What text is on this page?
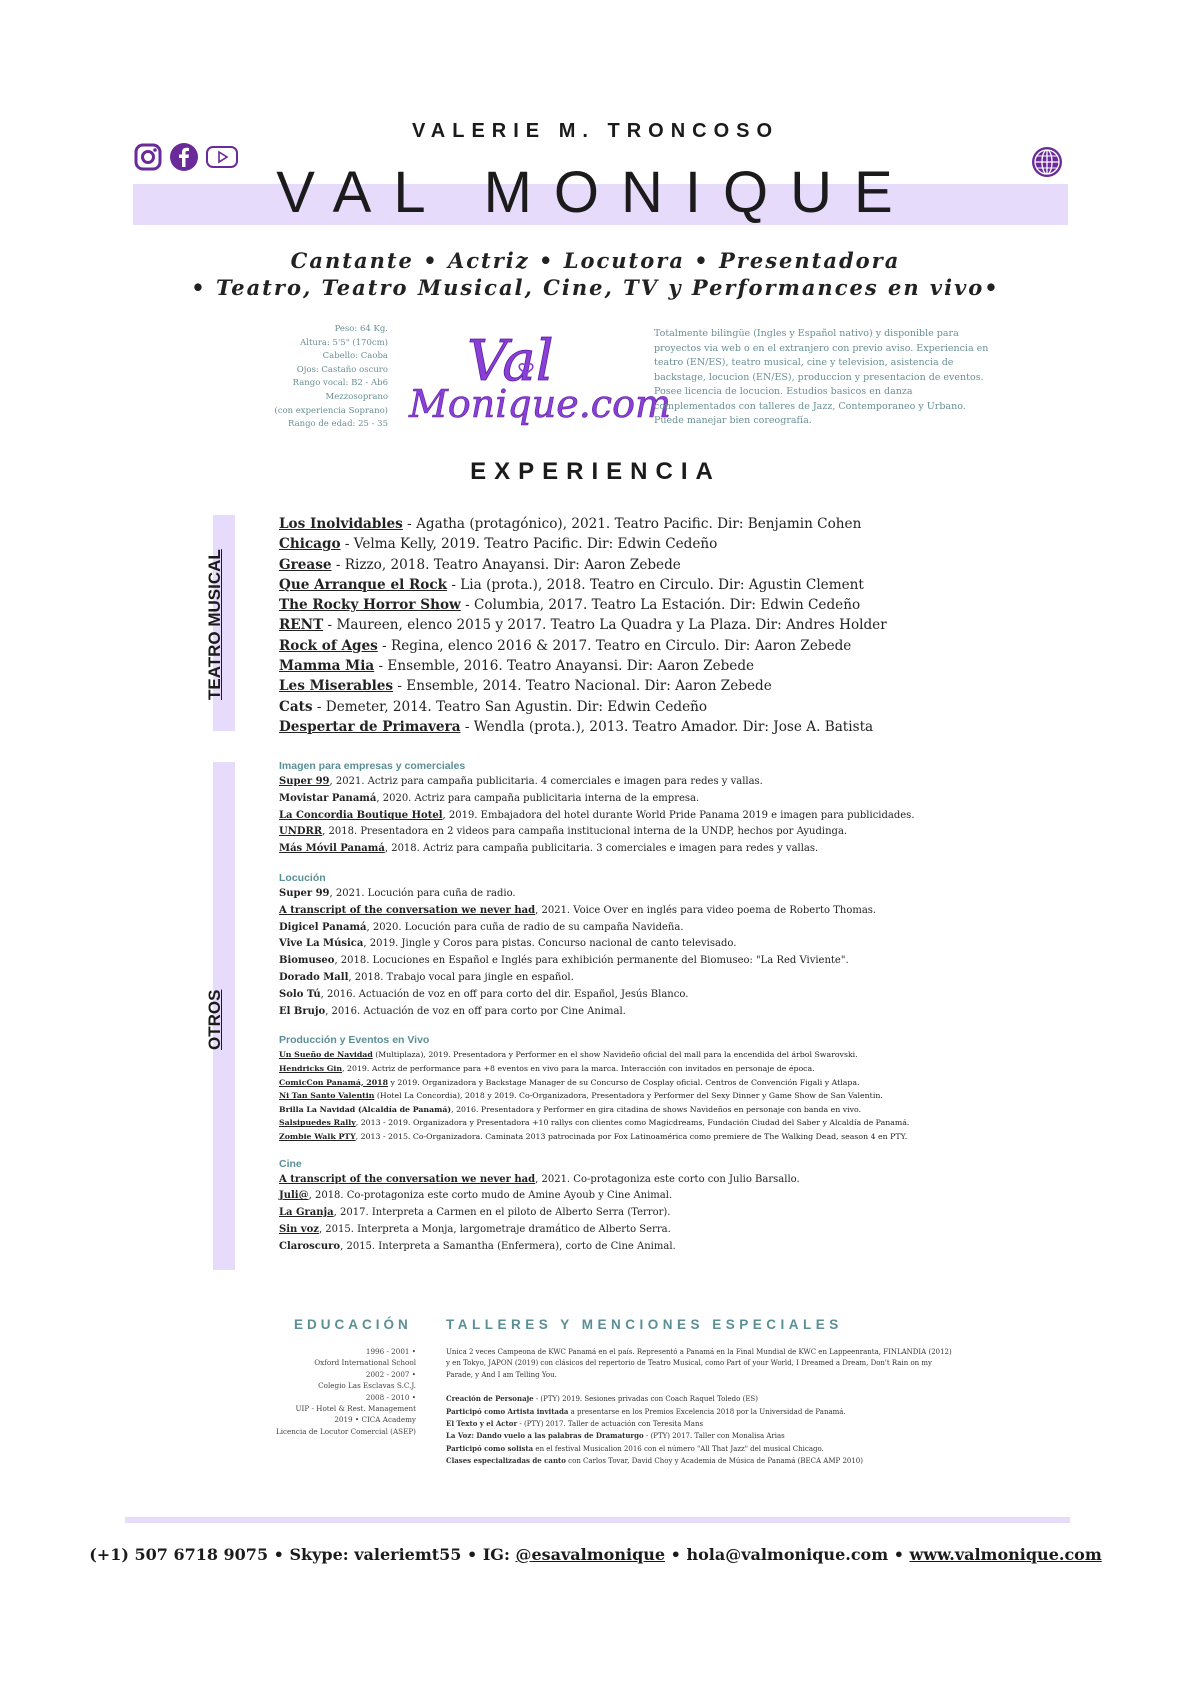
VALERIE M. TRONCOSO
VAL MONIQUE
Cantante • Actriz • Locutora • Presentadora
• Teatro, Teatro Musical, Cine, TV y Performances en vivo•
Peso: 64 Kg.
Altura: 5'5" (170cm)
Cabello: Caoba
Ojos: Castaño oscuro
Rango vocal: B2 - Ab6
Mezzosoprano
(con experiencia Soprano)
Rango de edad: 25 - 35
Val
Monique.com
Totalmente bilingüe (Ingles y Español nativo) y disponible para proyectos via web o en el extranjero con previo aviso. Experiencia en teatro (EN/ES), teatro musical, cine y television, asistencia de backstage, locucion (EN/ES), produccion y presentacion de eventos. Posee licencia de locucion. Estudios basicos en danza complementados con talleres de Jazz, Contemporaneo y Urbano. Puede manejar bien coreografía.
EXPERIENCIA
TEATRO MUSICAL
Los Inolvidables - Agatha (protagónico), 2021. Teatro Pacific. Dir: Benjamin Cohen
Chicago - Velma Kelly, 2019. Teatro Pacific. Dir: Edwin Cedeño
Grease - Rizzo, 2018. Teatro Anayansi. Dir: Aaron Zebede
Que Arranque el Rock - Lia (prota.), 2018. Teatro en Circulo. Dir: Agustin Clement
The Rocky Horror Show - Columbia, 2017. Teatro La Estación. Dir: Edwin Cedeño
RENT - Maureen, elenco 2015 y 2017. Teatro La Quadra y La Plaza. Dir: Andres Holder
Rock of Ages - Regina, elenco 2016 & 2017. Teatro en Circulo. Dir: Aaron Zebede
Mamma Mia - Ensemble, 2016. Teatro Anayansi. Dir: Aaron Zebede
Les Miserables - Ensemble, 2014. Teatro Nacional. Dir: Aaron Zebede
Cats - Demeter, 2014. Teatro San Agustin. Dir: Edwin Cedeño
Despertar de Primavera - Wendla (prota.), 2013. Teatro Amador. Dir: Jose A. Batista
OTROS
Imagen para empresas y comerciales
Super 99, 2021. Actriz para campaña publicitaria. 4 comerciales e imagen para redes y vallas.
Movistar Panamá, 2020. Actriz para campaña publicitaria interna de la empresa.
La Concordia Boutique Hotel, 2019. Embajadora del hotel durante World Pride Panama 2019 e imagen para publicidades.
UNDRR, 2018. Presentadora en 2 videos para campaña institucional interna de la UNDP, hechos por Ayudinga.
Más Móvil Panamá, 2018. Actriz para campaña publicitaria. 3 comerciales e imagen para redes y vallas.
Locución
Super 99, 2021. Locución para cuña de radio.
A transcript of the conversation we never had, 2021. Voice Over en inglés para video poema de Roberto Thomas.
Digicel Panamá, 2020. Locución para cuña de radio de su campaña Navideña.
Vive La Música, 2019. Jingle y Coros para pistas. Concurso nacional de canto televisado.
Biomuseo, 2018. Locuciones en Español e Inglés para exhibición permanente del Biomuseo: "La Red Viviente".
Dorado Mall, 2018. Trabajo vocal para jingle en español.
Solo Tú, 2016. Actuación de voz en off para corto del dir. Español, Jesús Blanco.
El Brujo, 2016. Actuación de voz en off para corto por Cine Animal.
Producción y Eventos en Vivo
Un Sueño de Navidad (Multiplaza), 2019. Presentadora y Performer en el show Navideño oficial del mall para la encendida del árbol Swarovski.
Hendricks Gin, 2019. Actriz de performance para +8 eventos en vivo para la marca. Interacción con invitados en personaje de época.
ComicCon Panamá, 2018 y 2019. Organizadora y Backstage Manager de su Concurso de Cosplay oficial. Centros de Convención Figali y Atlapa.
Ni Tan Santo Valentin (Hotel La Concordia), 2018 y 2019. Co-Organizadora, Presentadora y Performer del Sexy Dinner y Game Show de San Valentin.
Brilla La Navidad (Alcaldía de Panamá), 2016. Presentadora y Performer en gira citadina de shows Navideños en personaje con banda en vivo.
Salsipuedes Rally, 2013 - 2019. Organizadora y Presentadora +10 rallys con clientes como Magicdreams, Fundación Ciudad del Saber y Alcaldía de Panamá.
Zombie Walk PTY, 2013 - 2015. Co-Organizadora. Caminata 2013 patrocinada por Fox Latinoamérica como premiere de The Walking Dead, season 4 en PTY.
Cine
A transcript of the conversation we never had, 2021. Co-protagoniza este corto con Julio Barsallo.
Juli@, 2018. Co-protagoniza este corto mudo de Amine Ayoub y Cine Animal.
La Granja, 2017. Interpreta a Carmen en el piloto de Alberto Serra (Terror).
Sin voz, 2015. Interpreta a Monja, largometraje dramático de Alberto Serra.
Claroscuro, 2015. Interpreta a Samantha (Enfermera), corto de Cine Animal.
EDUCACIÓN	TALLERES Y MENCIONES ESPECIALES
1996 - 2001 •
Oxford International School
2002 - 2007 •
Colegio Las Esclavas S.C.J.
2008 - 2010 •
UIP - Hotel & Rest. Management
2019 • CICA Academy
Licencia de Locutor Comercial (ASEP)

Unica 2 veces Campeona de KWC Panamá en el país. Representó a Panamá en la Final Mundial de KWC en Lappeenranta, FINLANDIA (2012) y en Tokyo, JAPON (2019) con clásicos del repertorio de Teatro Musical, como Part of your World, I Dreamed a Dream, Don't Rain on my Parade, y And I am Telling You.

Creación de Personaje - (PTY) 2019. Sesiones privadas con Coach Raquel Toledo (ES)

Participó como Artista invitada a presentarse en los Premios Excelencia 2018 por la Universidad de Panamá.

El Texto y el Actor - (PTY) 2017. Taller de actuación con Teresita Mans

La Voz: Dando vuelo a las palabras de Dramaturgo - (PTY) 2017. Taller con Monalisa Arias

Participó como solista en el festival Musicalion 2016 con el número "All That Jazz" del musical Chicago.

Clases especializadas de canto con Carlos Tovar, David Choy y Academia de Música de Panamá (BECA AMP 2010)

(+1) 507 6718 9075 • Skype: valeriemt55 • IG: @esavalmonique • hola@valmonique.com • www.valmonique.com
